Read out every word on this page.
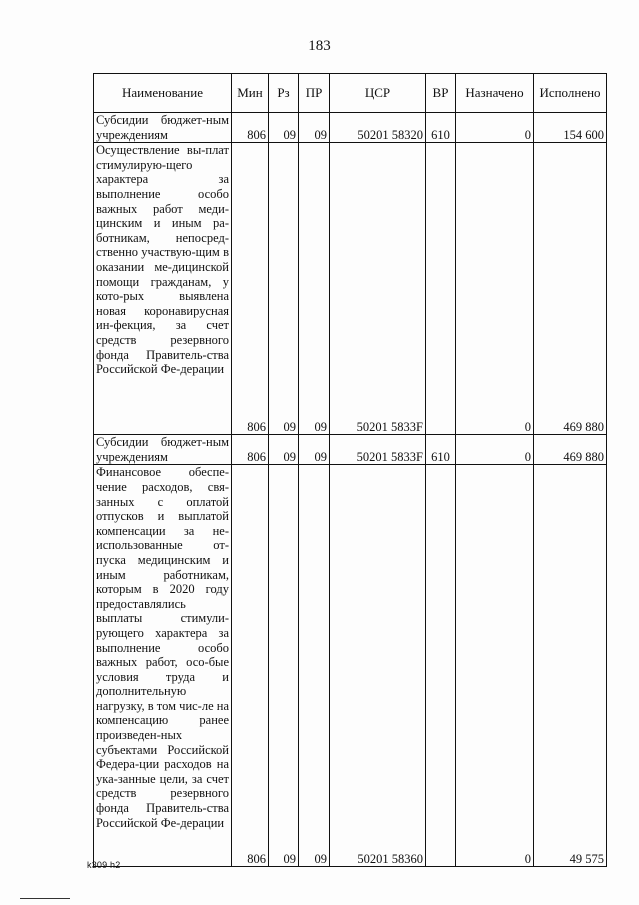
183
Наименование	Мин	Рз	ПР	ЦСР	ВР	Назначено	Исполнено
Субсидии бюджет-ным учреждениям	806	09	09	50201 58320	610	0	154 600
Осуществление вы-плат стимулирую-щего характера за выполнение особо важных работ меди-цинским и иным ра-ботникам, непосред-ственно участвую-щим в оказании ме-дицинской помощи гражданам, у кото-рых выявлена новая коронавирусная ин-фекция, за счет средств резервного фонда Правитель-ства Российской Фе-дерации	806	09	09	50201 5833F		0	469 880
Субсидии бюджет-ным учреждениям	806	09	09	50201 5833F	610	0	469 880
Финансовое обеспе-чение расходов, свя-занных с оплатой отпусков и выплатой компенсации за не-использованные от-пуска медицинским и иным работникам, которым в 2020 году предоставлялись выплаты стимули-рующего характера за выполнение особо важных работ, осо-бые условия труда и дополнительную нагрузку, в том чис-ле на компенсацию ранее произведен-ных субъектами Российской Федера-ции расходов на ука-занные цели, за счет средств резервного фонда Правитель-ства Российской Фе-дерации	806	09	09	50201 58360		0	49 575
k309 h2
